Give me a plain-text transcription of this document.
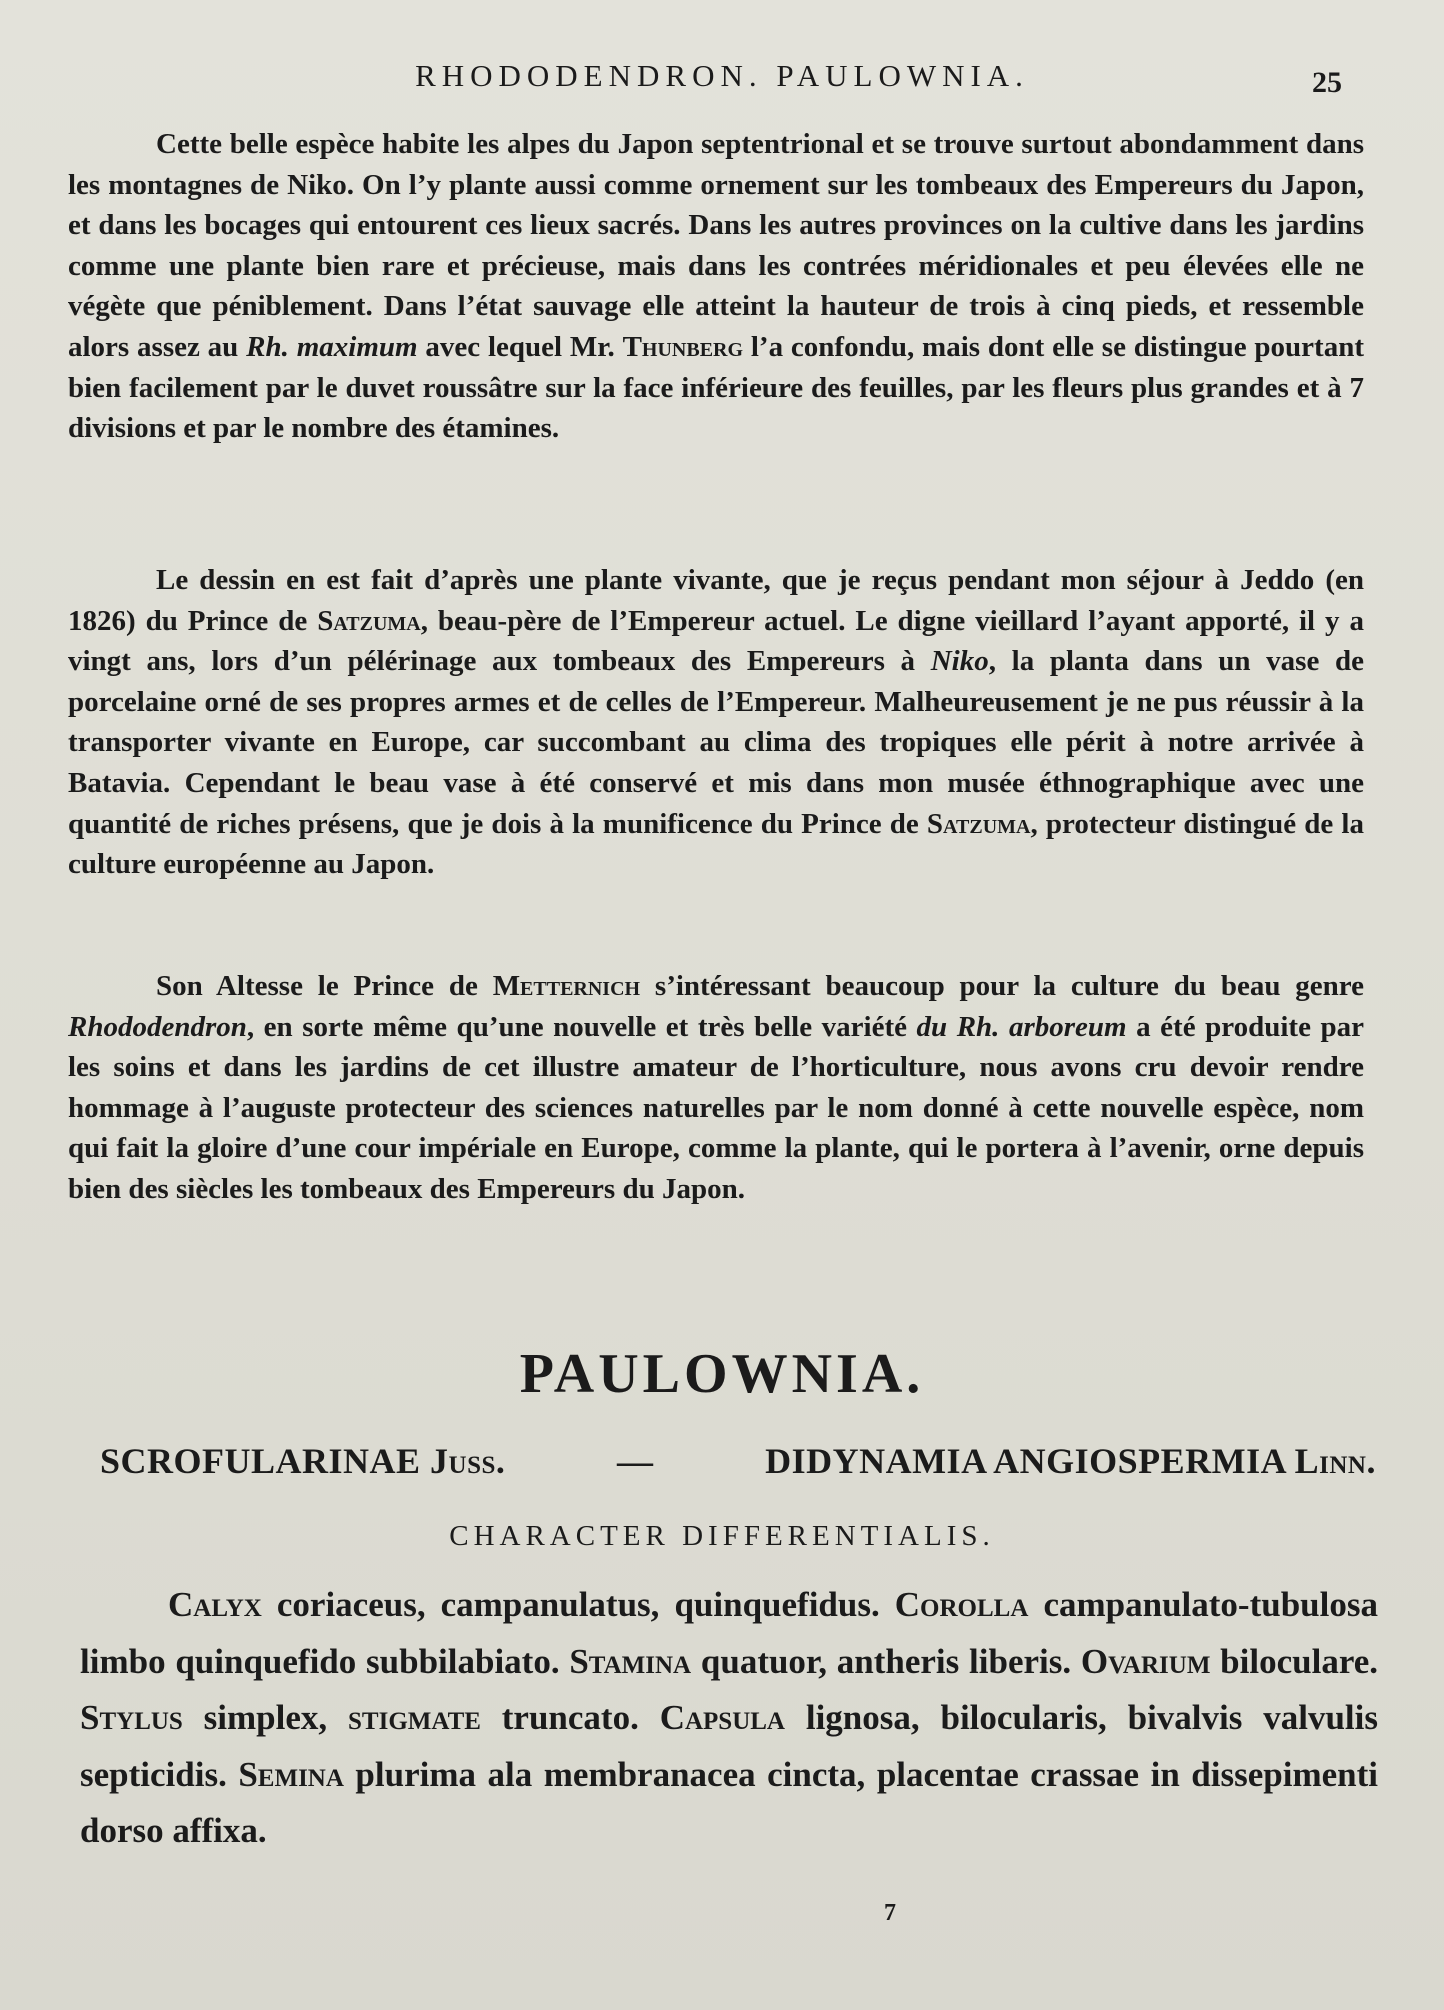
RHODODENDRON. PAULOWNIA.	25

Cette belle espèce habite les alpes du Japon septentrional et se trouve surtout abondamment dans les montagnes de Niko. On l’y plante aussi comme ornement sur les tombeaux des Empereurs du Japon, et dans les bocages qui entourent ces lieux sacrés. Dans les autres provinces on la cultive dans les jardins comme une plante bien rare et précieuse, mais dans les contrées méridionales et peu élevées elle ne végète que péniblement. Dans l’état sauvage elle atteint la hauteur de trois à cinq pieds, et ressemble alors assez au Rh. maximum avec lequel Mr. Thunberg l’a confondu, mais dont elle se distingue pourtant bien facilement par le duvet roussâtre sur la face inférieure des feuilles, par les fleurs plus grandes et à 7 divisions et par le nombre des étamines.

Le dessin en est fait d’après une plante vivante, que je reçus pendant mon séjour à Jeddo (en 1826) du Prince de Satzuma, beau-père de l’Empereur actuel. Le digne vieillard l’ayant apporté, il y a vingt ans, lors d’un pélérinage aux tombeaux des Empereurs à Niko, la planta dans un vase de porcelaine orné de ses propres armes et de celles de l’Empereur. Malheureusement je ne pus réussir à la transporter vivante en Europe, car succombant au clima des tropiques elle périt à notre arrivée à Batavia. Cependant le beau vase à été conservé et mis dans mon musée éthnographique avec une quantité de riches présens, que je dois à la munificence du Prince de Satzuma, protecteur distingué de la culture européenne au Japon.

Son Altesse le Prince de Metternich s’intéressant beaucoup pour la culture du beau genre Rhododendron, en sorte même qu’une nouvelle et très belle variété du Rh. arboreum a été produite par les soins et dans les jardins de cet illustre amateur de l’horticulture, nous avons cru devoir rendre hommage à l’auguste protecteur des sciences naturelles par le nom donné à cette nouvelle espèce, nom qui fait la gloire d’une cour impériale en Europe, comme la plante, qui le portera à l’avenir, orne depuis bien des siècles les tombeaux des Empereurs du Japon.

PAULOWNIA.
SCROFULARINAE Juss.	—	DIDYNAMIA ANGIOSPERMIA Linn.
CHARACTER DIFFERENTIALIS.

Calyx coriaceus, campanulatus, quinquefidus. Corolla campanulato-tubulosa limbo quinquefido subbilabiato. Stamina quatuor, antheris liberis. Ovarium biloculare. Stylus simplex, stigmate truncato. Capsula lignosa, bilocularis, bivalvis valvulis septicidis. Semina plurima ala membranacea cincta, placentae crassae in dissepimenti dorso affixa.

7
